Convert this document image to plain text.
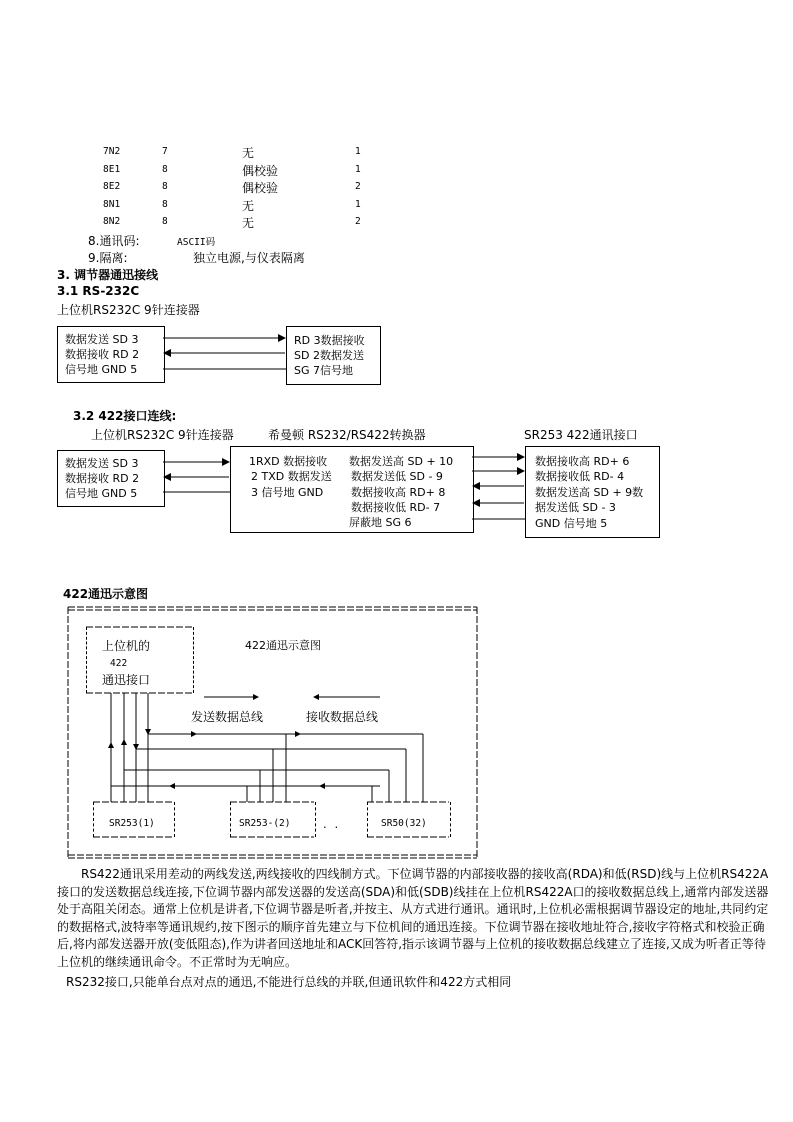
7N2	7	无	1
8E1	8	偶校验	1
8E2	8	偶校验	2
8N1	8	无	1
8N2	8	无	2
8.通讯码:	ASCII码
9.隔离:	独立电源,与仪表隔离
3. 调节器通迅接线
3.1 RS-232C
上位机RS232C 9针连接器
数据发送 SD 3
数据接收 RD 2
信号地 GND 5
RD 3数据接收
SD 2数据发送
SG 7信号地
3.2 422接口连线:
上位机RS232C 9针连接器	希曼顿 RS232/RS422转换器	SR253 422通讯接口
数据发送 SD 3
数据接收 RD 2
信号地 GND 5
1RXD 数据接收
2 TXD 数据发送
3 信号地 GND
数据发送高 SD + 10
数据发送低 SD - 9
数据接收高 RD+ 8
数据接收低 RD- 7
屏蔽地 SG 6
数据接收高 RD+ 6
数据接收低 RD- 4
数据发送高 SD + 9数
据发送低 SD - 3
GND 信号地 5
422通迅示意图
上位机的
422
通迅接口
422通迅示意图
发送数据总线	接收数据总线
SR253(1)	SR253-(2)	. .	SR50(32)
RS422通讯采用差动的两线发送,两线接收的四线制方式。下位调节器的内部接收器的接收高(RDA)和低(RSD)线与上位机RS422A接口的发送数据总线连接,下位调节器内部发送器的发送高(SDA)和低(SDB)线挂在上位机RS422A口的接收数据总线上,通常内部发送器处于高阻关闭态。通常上位机是讲者,下位调节器是听者,并按主、从方式进行通讯。通讯时,上位机必需根据调节器设定的地址,共同约定的数据格式,波特率等通讯规约,按下图示的顺序首先建立与下位机间的通迅连接。下位调节器在接收地址符合,接收字符格式和校验正确后,将内部发送器开放(变低阻态),作为讲者回送地址和ACK回答符,指示该调节器与上位机的接收数据总线建立了连接,又成为听者正等待上位机的继续通讯命令。不正常时为无响应。
RS232接口,只能单台点对点的通迅,不能进行总线的并联,但通讯软件和422方式相同
